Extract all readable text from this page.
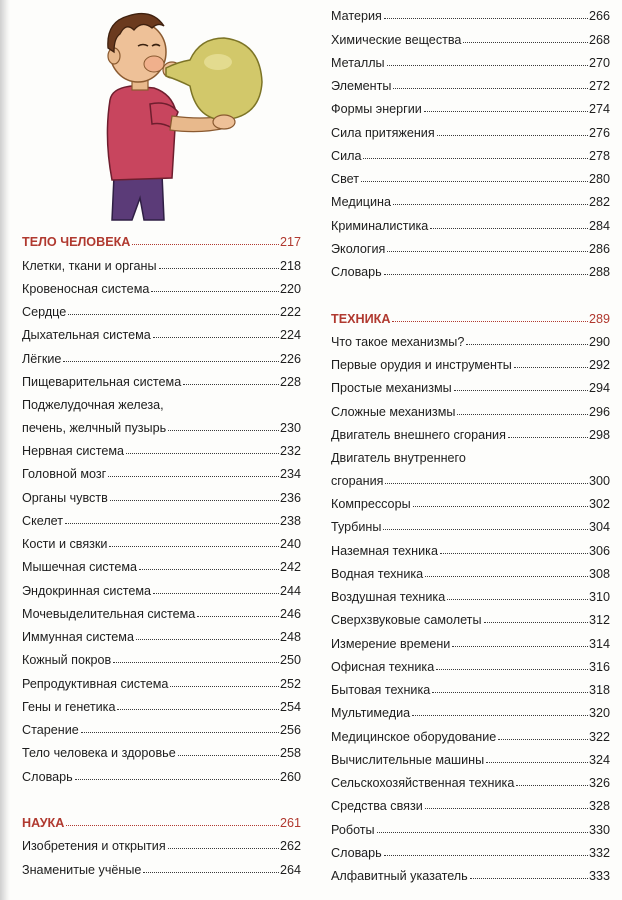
ТЕЛО ЧЕЛОВЕКА	217
Клетки, ткани и органы	218
Кровеносная система	220
Сердце	222
Дыхательная система	224
Лёгкие	226
Пищеварительная система	228
Поджелудочная железа,
печень, желчный пузырь	230
Нервная система	232
Головной мозг	234
Органы чувств	236
Скелет	238
Кости и связки	240
Мышечная система	242
Эндокринная система	244
Мочевыделительная система	246
Иммунная система	248
Кожный покров	250
Репродуктивная система	252
Гены и генетика	254
Старение	256
Тело человека и здоровье	258
Словарь	260
НАУКА	261
Изобретения и открытия	262
Знаменитые учёные	264
Материя	266
Химические вещества	268
Металлы	270
Элементы	272
Формы энергии	274
Сила притяжения	276
Сила	278
Свет	280
Медицина	282
Криминалистика	284
Экология	286
Словарь	288
ТЕХНИКА	289
Что такое механизмы?	290
Первые орудия и инструменты	292
Простые механизмы	294
Сложные механизмы	296
Двигатель внешнего сгорания	298
Двигатель внутреннего
сгорания	300
Компрессоры	302
Турбины	304
Наземная техника	306
Водная техника	308
Воздушная техника	310
Сверхзвуковые самолеты	312
Измерение времени	314
Офисная техника	316
Бытовая техника	318
Мультимедиа	320
Медицинское оборудование	322
Вычислительные машины	324
Сельскохозяйственная техника	326
Средства связи	328
Роботы	330
Словарь	332
Алфавитный указатель	333
